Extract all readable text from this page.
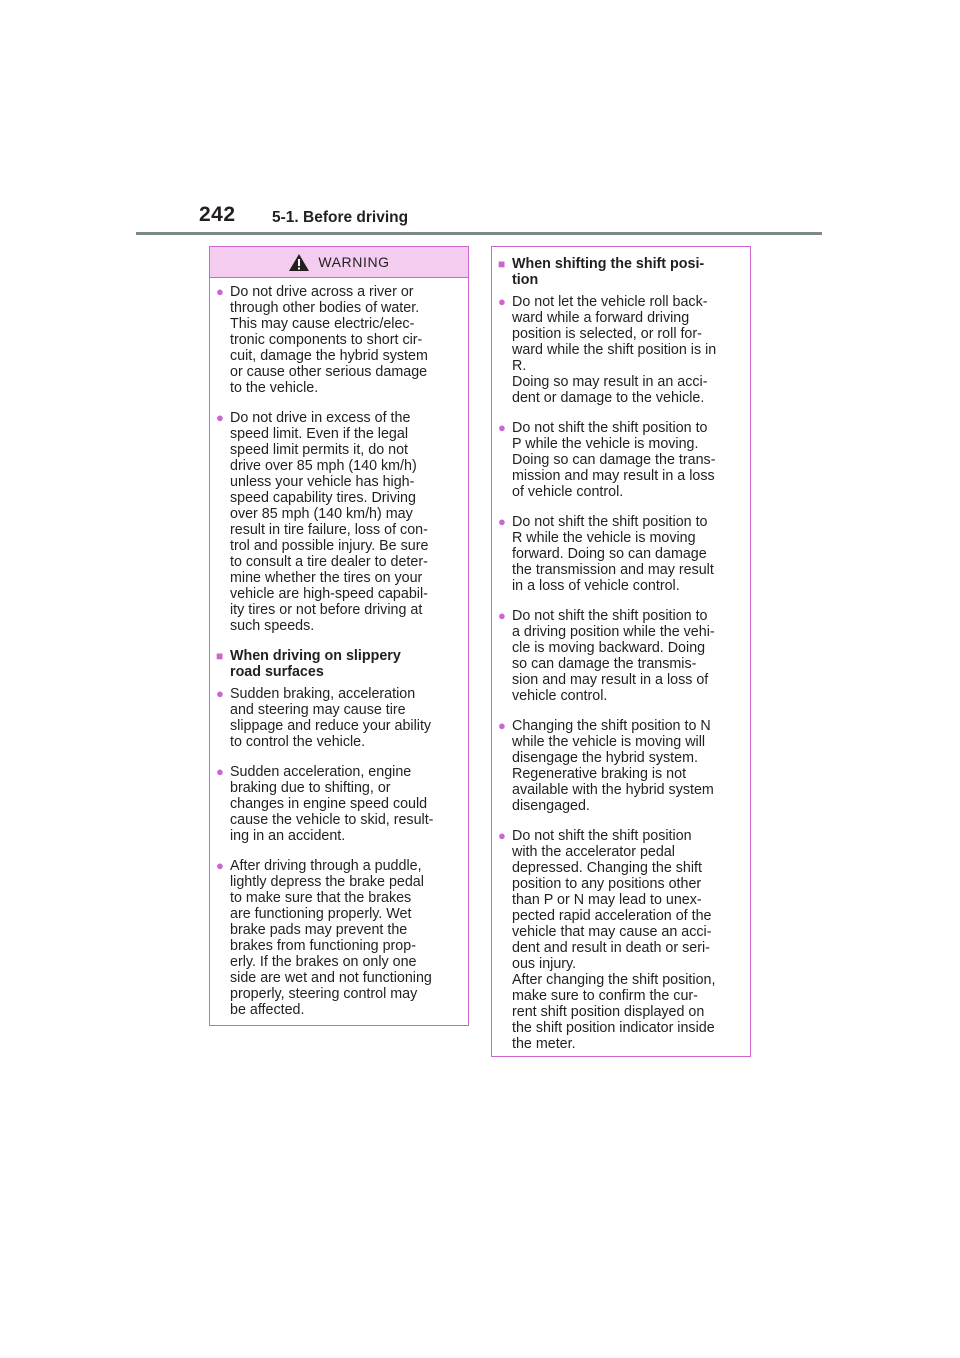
242 5-1. Before driving
WARNING
● Do not drive across a river or
through other bodies of water.
This may cause electric/elec-
tronic components to short cir-
cuit, damage the hybrid system
or cause other serious damage
to the vehicle.
● Do not drive in excess of the
speed limit. Even if the legal
speed limit permits it, do not
drive over 85 mph (140 km/h)
unless your vehicle has high-
speed capability tires. Driving
over 85 mph (140 km/h) may
result in tire failure, loss of con-
trol and possible injury. Be sure
to consult a tire dealer to deter-
mine whether the tires on your
vehicle are high-speed capabil-
ity tires or not before driving at
such speeds.
■ When driving on slippery
road surfaces
● Sudden braking, acceleration
and steering may cause tire
slippage and reduce your ability
to control the vehicle.
● Sudden acceleration, engine
braking due to shifting, or
changes in engine speed could
cause the vehicle to skid, result-
ing in an accident.
● After driving through a puddle,
lightly depress the brake pedal
to make sure that the brakes
are functioning properly. Wet
brake pads may prevent the
brakes from functioning prop-
erly. If the brakes on only one
side are wet and not functioning
properly, steering control may
be affected.
■ When shifting the shift posi-
tion
● Do not let the vehicle roll back-
ward while a forward driving
position is selected, or roll for-
ward while the shift position is in
R.
Doing so may result in an acci-
dent or damage to the vehicle.
● Do not shift the shift position to
P while the vehicle is moving.
Doing so can damage the trans-
mission and may result in a loss
of vehicle control.
● Do not shift the shift position to
R while the vehicle is moving
forward. Doing so can damage
the transmission and may result
in a loss of vehicle control.
● Do not shift the shift position to
a driving position while the vehi-
cle is moving backward. Doing
so can damage the transmis-
sion and may result in a loss of
vehicle control.
● Changing the shift position to N
while the vehicle is moving will
disengage the hybrid system.
Regenerative braking is not
available with the hybrid system
disengaged.
● Do not shift the shift position
with the accelerator pedal
depressed. Changing the shift
position to any positions other
than P or N may lead to unex-
pected rapid acceleration of the
vehicle that may cause an acci-
dent and result in death or seri-
ous injury.
After changing the shift position,
make sure to confirm the cur-
rent shift position displayed on
the shift position indicator inside
the meter.
